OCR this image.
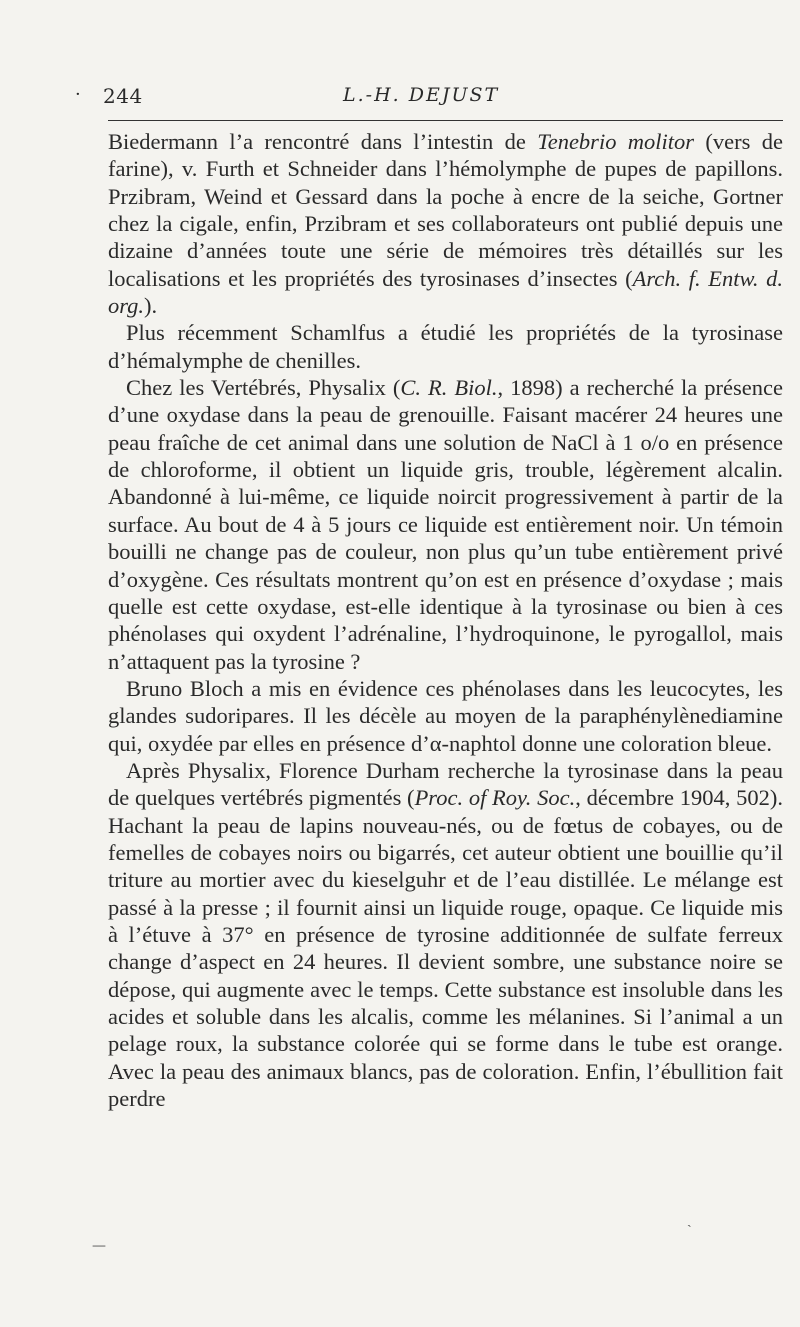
· 244	L.-H. DEJUST

Biedermann l’a rencontré dans l’intestin de Tenebrio molitor (vers de farine), v. Furth et Schneider dans l’hémolymphe de pupes de papillons. Przibram, Weind et Gessard dans la poche à encre de la seiche, Gortner chez la cigale, enfin, Przibram et ses collaborateurs ont publié depuis une dizaine d’années toute une série de mémoires très détaillés sur les localisations et les propriétés des tyrosinases d’insectes (Arch. f. Entw. d. org.).

Plus récemment Schamlfus a étudié les propriétés de la tyrosinase d’hémalymphe de chenilles.

Chez les Vertébrés, Physalix (C. R. Biol., 1898) a recherché la présence d’une oxydase dans la peau de grenouille. Faisant macérer 24 heures une peau fraîche de cet animal dans une solution de NaCl à 1 o/o en présence de chloroforme, il obtient un liquide gris, trouble, légèrement alcalin. Abandonné à lui-même, ce liquide noircit progressivement à partir de la surface. Au bout de 4 à 5 jours ce liquide est entièrement noir. Un témoin bouilli ne change pas de couleur, non plus qu’un tube entièrement privé d’oxygène. Ces résultats montrent qu’on est en présence d’oxydase ; mais quelle est cette oxydase, est-elle identique à la tyrosinase ou bien à ces phénolases qui oxydent l’adrénaline, l’hydroquinone, le pyrogallol, mais n’attaquent pas la tyrosine ?

Bruno Bloch a mis en évidence ces phénolases dans les leucocytes, les glandes sudoripares. Il les décèle au moyen de la paraphénylènediamine qui, oxydée par elles en présence d’α-naphtol donne une coloration bleue.

Après Physalix, Florence Durham recherche la tyrosinase dans la peau de quelques vertébrés pigmentés (Proc. of Roy. Soc., décembre 1904, 502). Hachant la peau de lapins nouveau-nés, ou de fœtus de cobayes, ou de femelles de cobayes noirs ou bigarrés, cet auteur obtient une bouillie qu’il triture au mortier avec du kieselguhr et de l’eau distillée. Le mélange est passé à la presse ; il fournit ainsi un liquide rouge, opaque. Ce liquide mis à l’étuve à 37° en présence de tyrosine additionnée de sulfate ferreux change d’aspect en 24 heures. Il devient sombre, une substance noire se dépose, qui augmente avec le temps. Cette substance est insoluble dans les acides et soluble dans les alcalis, comme les mélanines. Si l’animal a un pelage roux, la substance colorée qui se forme dans le tube est orange. Avec la peau des animaux blancs, pas de coloration. Enfin, l’ébullition fait perdre

ˏ
—
